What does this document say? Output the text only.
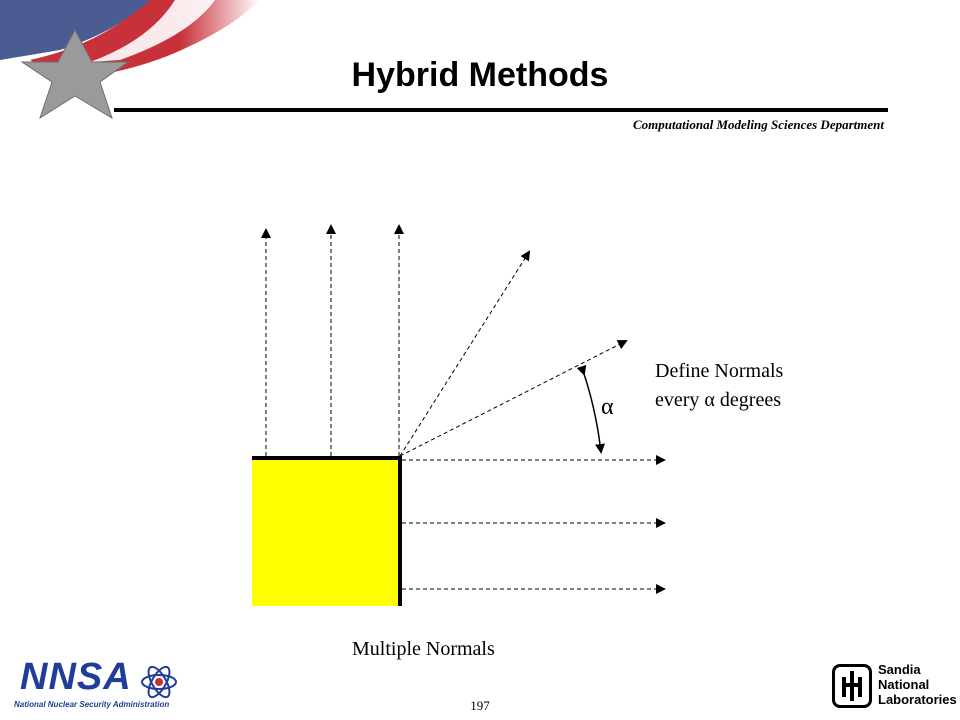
Hybrid Methods
Computational Modeling Sciences Department
α
Define Normals
every α degrees
Multiple Normals
NNSA
National Nuclear Security Administration	197
Sandia
National
Laboratories
